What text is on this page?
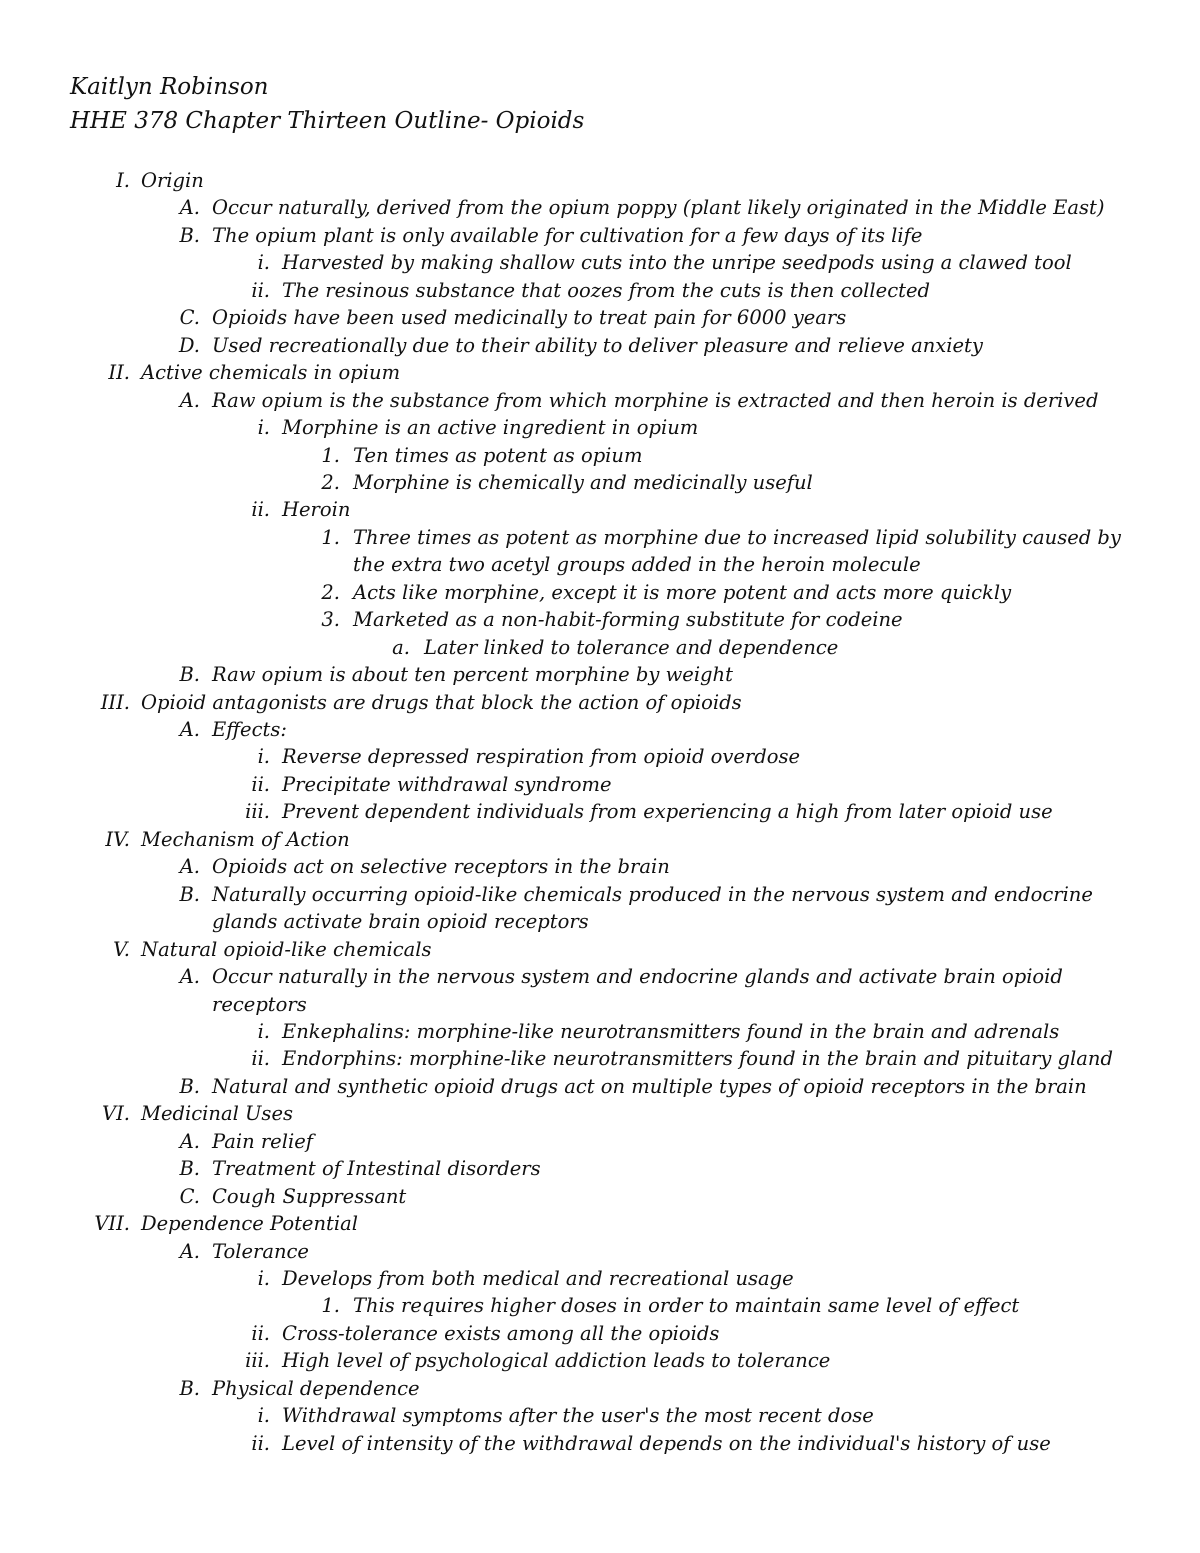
Kaitlyn Robinson
HHE 378 Chapter Thirteen Outline- Opioids
I. Origin
A. Occur naturally, derived from the opium poppy (plant likely originated in the Middle East)
B. The opium plant is only available for cultivation for a few days of its life
i. Harvested by making shallow cuts into the unripe seedpods using a clawed tool
ii. The resinous substance that oozes from the cuts is then collected
C. Opioids have been used medicinally to treat pain for 6000 years
D. Used recreationally due to their ability to deliver pleasure and relieve anxiety
II. Active chemicals in opium
A. Raw opium is the substance from which morphine is extracted and then heroin is derived
i. Morphine is an active ingredient in opium
1. Ten times as potent as opium
2. Morphine is chemically and medicinally useful
ii. Heroin
1. Three times as potent as morphine due to increased lipid solubility caused by
the extra two acetyl groups added in the heroin molecule
2. Acts like morphine, except it is more potent and acts more quickly
3. Marketed as a non-habit-forming substitute for codeine
a. Later linked to tolerance and dependence
B. Raw opium is about ten percent morphine by weight
III. Opioid antagonists are drugs that block the action of opioids
A. Effects:
i. Reverse depressed respiration from opioid overdose
ii. Precipitate withdrawal syndrome
iii. Prevent dependent individuals from experiencing a high from later opioid use
IV. Mechanism of Action
A. Opioids act on selective receptors in the brain
B. Naturally occurring opioid-like chemicals produced in the nervous system and endocrine
glands activate brain opioid receptors
V. Natural opioid-like chemicals
A. Occur naturally in the nervous system and endocrine glands and activate brain opioid
receptors
i. Enkephalins: morphine-like neurotransmitters found in the brain and adrenals
ii. Endorphins: morphine-like neurotransmitters found in the brain and pituitary gland
B. Natural and synthetic opioid drugs act on multiple types of opioid receptors in the brain
VI. Medicinal Uses
A. Pain relief
B. Treatment of Intestinal disorders
C. Cough Suppressant
VII. Dependence Potential
A. Tolerance
i. Develops from both medical and recreational usage
1. This requires higher doses in order to maintain same level of effect
ii. Cross-tolerance exists among all the opioids
iii. High level of psychological addiction leads to tolerance
B. Physical dependence
i. Withdrawal symptoms after the user's the most recent dose
ii. Level of intensity of the withdrawal depends on the individual's history of use
